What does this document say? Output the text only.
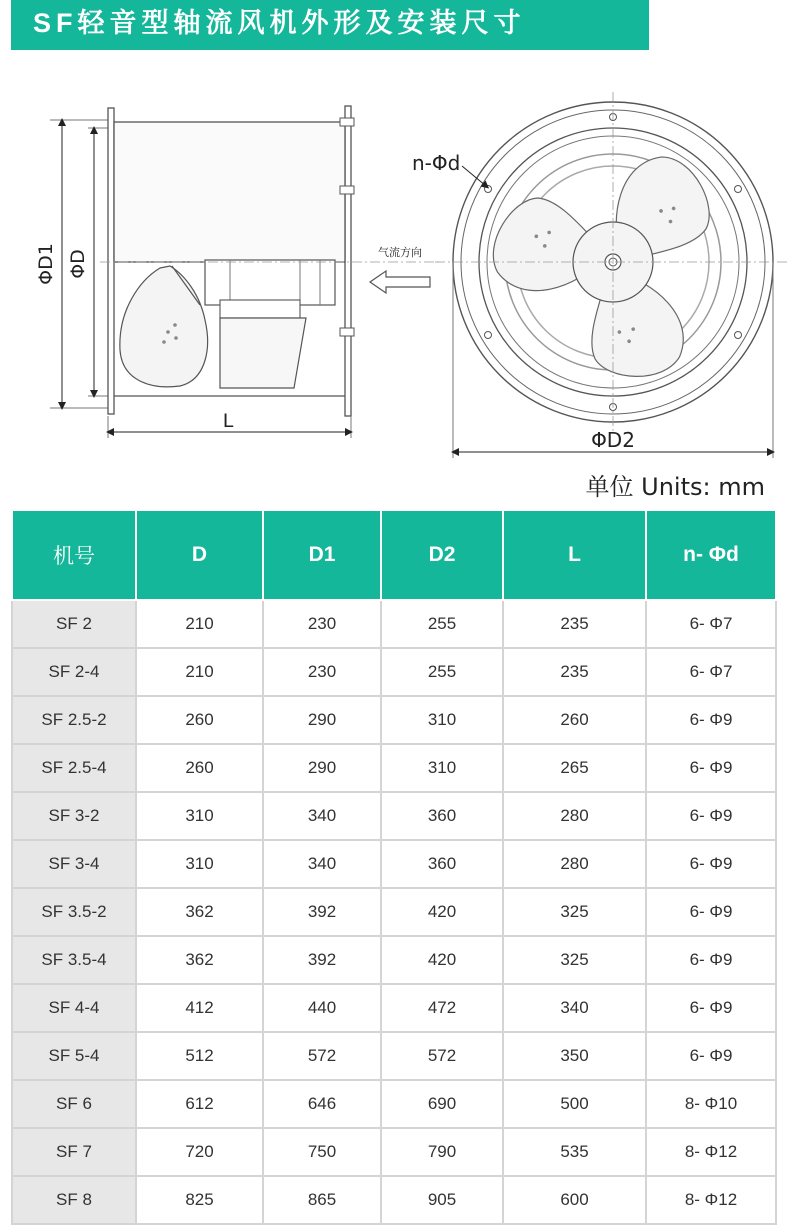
SF轻音型轴流风机外形及安装尺寸
ΦD1 ΦD
L
气流方向
n-Φd
ΦD2
单位 Units: mm
机号	D	D1	D2	L	n- Φd
SF 2	210	230	255	235	6- Φ7
SF 2-4	210	230	255	235	6- Φ7
SF 2.5-2	260	290	310	260	6- Φ9
SF 2.5-4	260	290	310	265	6- Φ9
SF 3-2	310	340	360	280	6- Φ9
SF 3-4	310	340	360	280	6- Φ9
SF 3.5-2	362	392	420	325	6- Φ9
SF 3.5-4	362	392	420	325	6- Φ9
SF 4-4	412	440	472	340	6- Φ9
SF 5-4	512	572	572	350	6- Φ9
SF 6	612	646	690	500	8- Φ10
SF 7	720	750	790	535	8- Φ12
SF 8	825	865	905	600	8- Φ12
